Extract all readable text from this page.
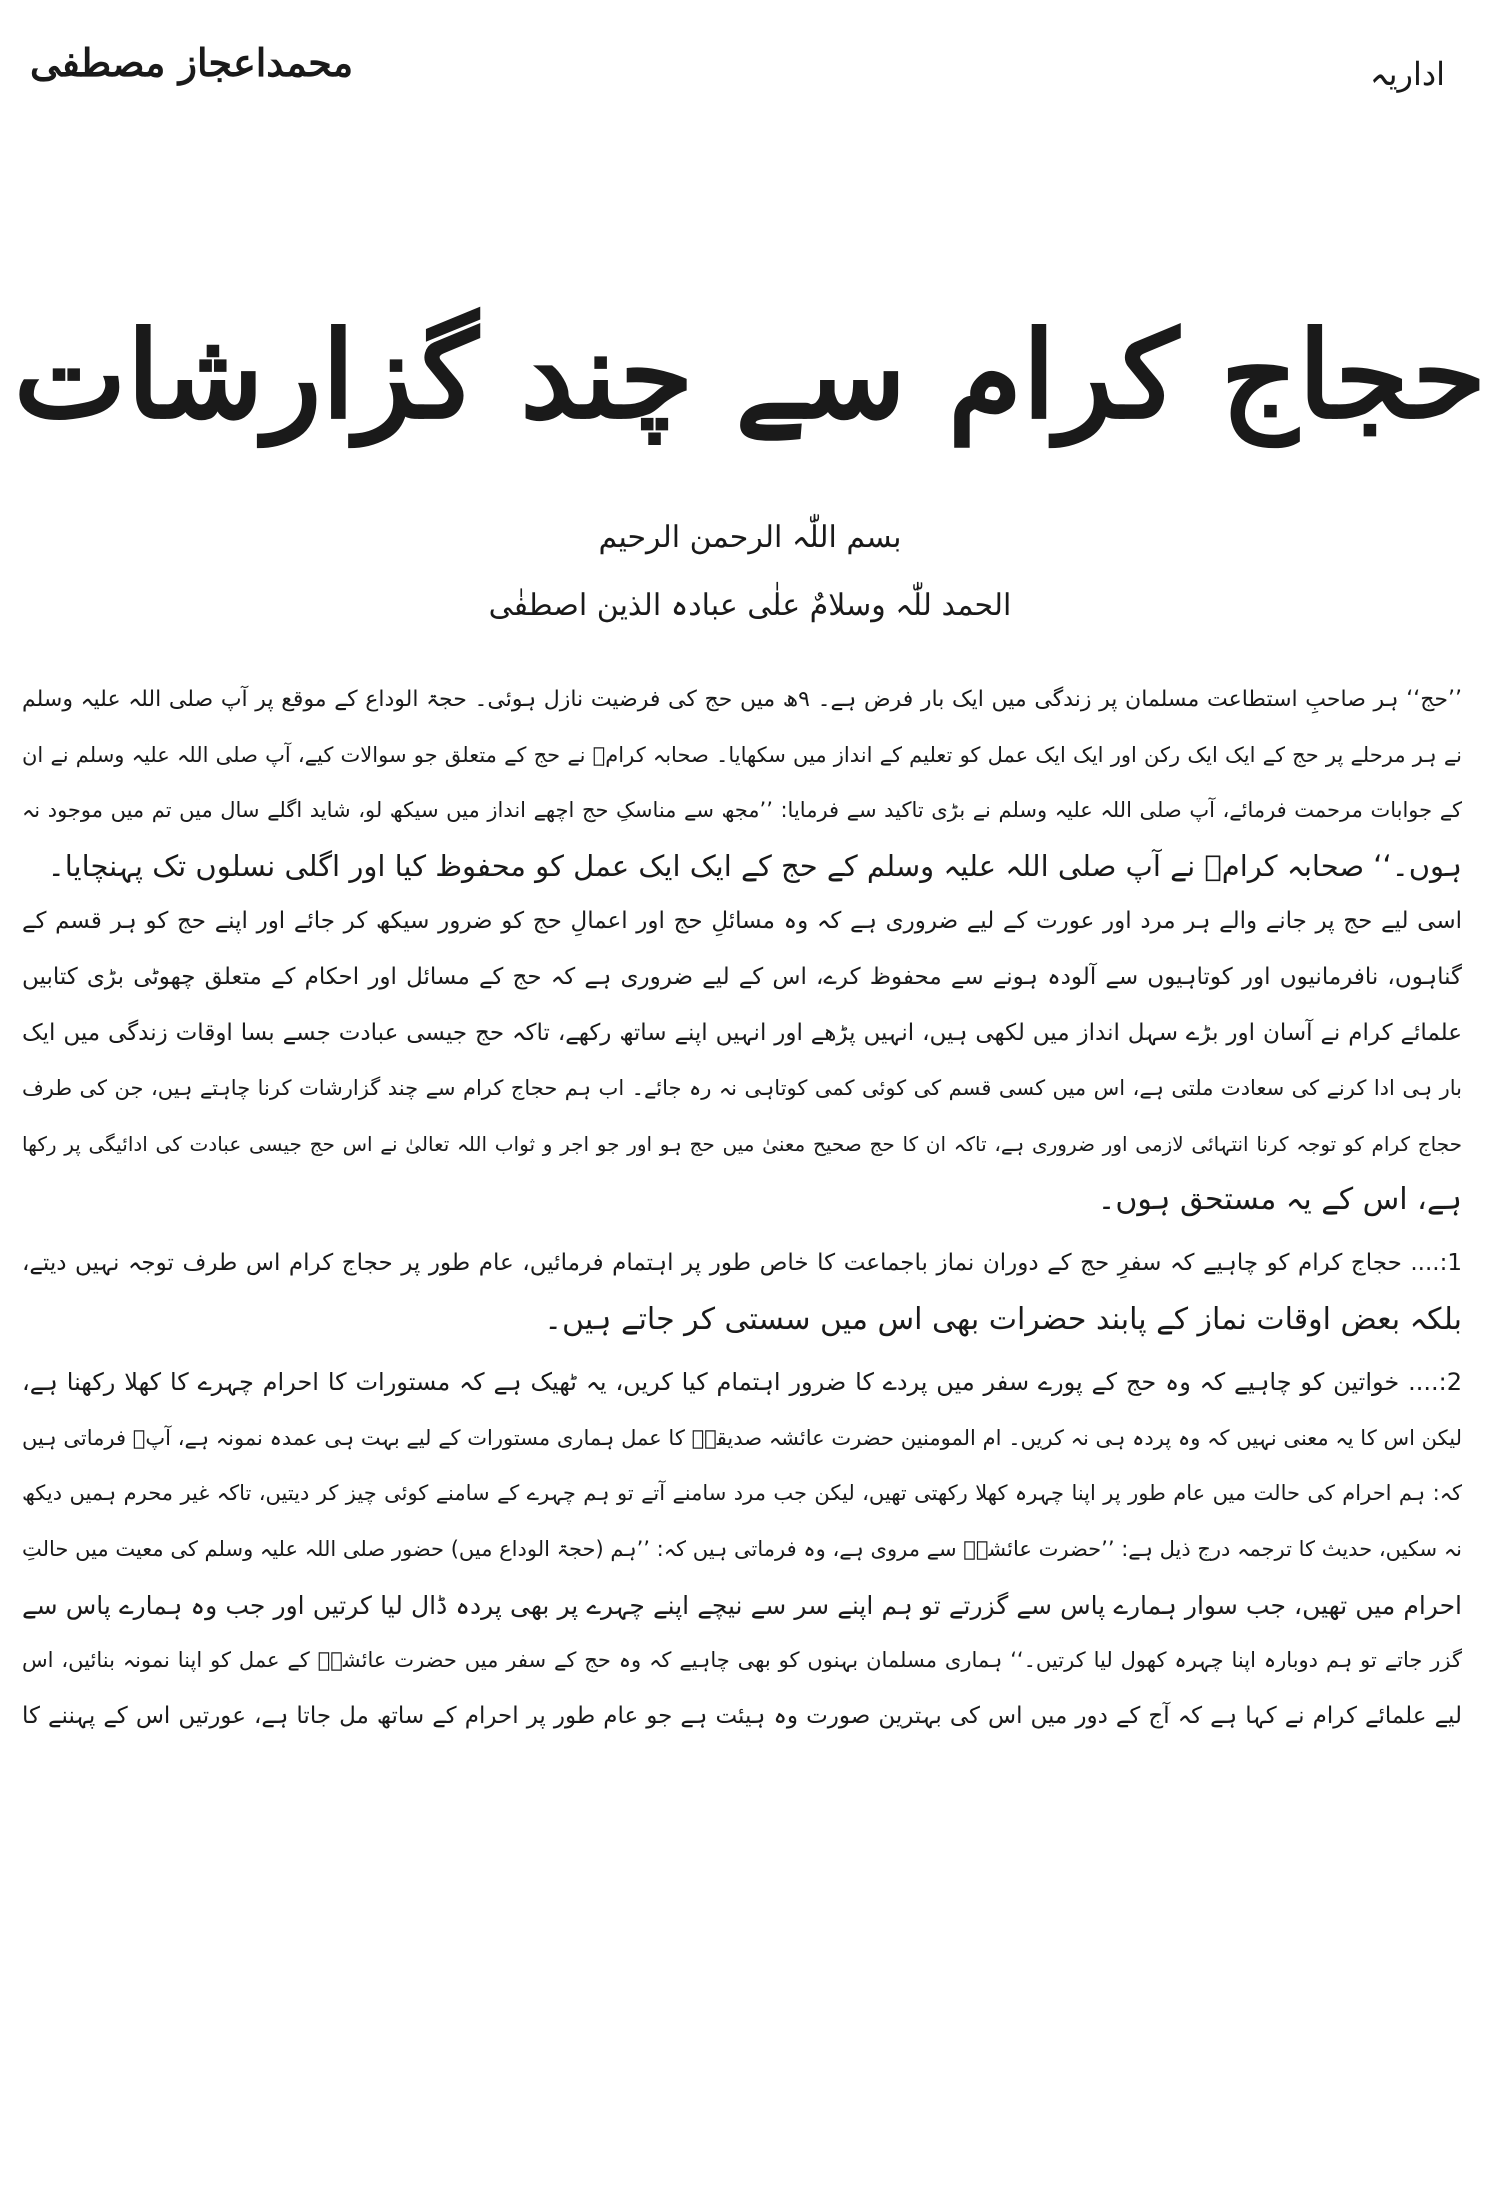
محمداعجاز مصطفی	اداریہ
حجاج کرام سے چند گزارشات
بسم اللّٰہ الرحمن الرحیم
الحمد للّٰہ وسلامٌ علٰی عبادہ الذین اصطفٰی

’’حج‘‘ ہر صاحبِ استطاعت مسلمان پر زندگی میں ایک بار فرض ہے۔ ۹ھ میں حج کی فرضیت نازل ہوئی۔ حجۃ الوداع کے موقع پر آپ صلی اللہ علیہ وسلم
نے ہر مرحلے پر حج کے ایک ایک رکن اور ایک ایک عمل کو تعلیم کے انداز میں سکھایا۔ صحابہ کرامؓ نے حج کے متعلق جو سوالات کیے، آپ صلی اللہ علیہ وسلم نے ان
کے جوابات مرحمت فرمائے، آپ صلی اللہ علیہ وسلم نے بڑی تاکید سے فرمایا: ’’مجھ سے مناسکِ حج اچھے انداز میں سیکھ لو، شاید اگلے سال میں تم میں موجود نہ
ہوں۔‘‘ صحابہ کرامؓ نے آپ صلی اللہ علیہ وسلم کے حج کے ایک ایک عمل کو محفوظ کیا اور اگلی نسلوں تک پہنچایا۔

اسی لیے حج پر جانے والے ہر مرد اور عورت کے لیے ضروری ہے کہ وہ مسائلِ حج اور اعمالِ حج کو ضرور سیکھ کر جائے اور اپنے حج کو ہر قسم کے
گناہوں، نافرمانیوں اور کوتاہیوں سے آلودہ ہونے سے محفوظ کرے، اس کے لیے ضروری ہے کہ حج کے مسائل اور احکام کے متعلق چھوٹی بڑی کتابیں
علمائے کرام نے آسان اور بڑے سہل انداز میں لکھی ہیں، انہیں پڑھے اور انہیں اپنے ساتھ رکھے، تاکہ حج جیسی عبادت جسے بسا اوقات زندگی میں ایک
بار ہی ادا کرنے کی سعادت ملتی ہے، اس میں کسی قسم کی کوئی کمی کوتاہی نہ رہ جائے۔ اب ہم حجاج کرام سے چند گزارشات کرنا چاہتے ہیں، جن کی طرف
حجاج کرام کو توجہ کرنا انتہائی لازمی اور ضروری ہے، تاکہ ان کا حج صحیح معنیٰ میں حج ہو اور جو اجر و ثواب اللہ تعالیٰ نے اس حج جیسی عبادت کی ادائیگی پر رکھا
ہے، اس کے یہ مستحق ہوں۔

1:.... حجاج کرام کو چاہیے کہ سفرِ حج کے دوران نماز باجماعت کا خاص طور پر اہتمام فرمائیں، عام طور پر حجاج کرام اس طرف توجہ نہیں دیتے،
بلکہ بعض اوقات نماز کے پابند حضرات بھی اس میں سستی کر جاتے ہیں۔

2:.... خواتین کو چاہیے کہ وہ حج کے پورے سفر میں پردے کا ضرور اہتمام کیا کریں، یہ ٹھیک ہے کہ مستورات کا احرام چہرے کا کھلا رکھنا ہے،
لیکن اس کا یہ معنی نہیں کہ وہ پردہ ہی نہ کریں۔ ام المومنین حضرت عائشہ صدیقہؓ کا عمل ہماری مستورات کے لیے بہت ہی عمدہ نمونہ ہے، آپؓ فرماتی ہیں
کہ: ہم احرام کی حالت میں عام طور پر اپنا چہرہ کھلا رکھتی تھیں، لیکن جب مرد سامنے آتے تو ہم چہرے کے سامنے کوئی چیز کر دیتیں، تاکہ غیر محرم ہمیں دیکھ
نہ سکیں، حدیث کا ترجمہ درج ذیل ہے: ’’حضرت عائشہؓ سے مروی ہے، وہ فرماتی ہیں کہ: ’’ہم (حجۃ الوداع میں) حضور صلی اللہ علیہ وسلم کی معیت میں حالتِ
احرام میں تھیں، جب سوار ہمارے پاس سے گزرتے تو ہم اپنے سر سے نیچے اپنے چہرے پر بھی پردہ ڈال لیا کرتیں اور جب وہ ہمارے پاس سے
گزر جاتے تو ہم دوبارہ اپنا چہرہ کھول لیا کرتیں۔‘‘ ہماری مسلمان بہنوں کو بھی چاہیے کہ وہ حج کے سفر میں حضرت عائشہؓ کے عمل کو اپنا نمونہ بنائیں، اس
لیے علمائے کرام نے کہا ہے کہ آج کے دور میں اس کی بہترین صورت وہ ہیئت ہے جو عام طور پر احرام کے ساتھ مل جاتا ہے، عورتیں اس کے پہننے کا
